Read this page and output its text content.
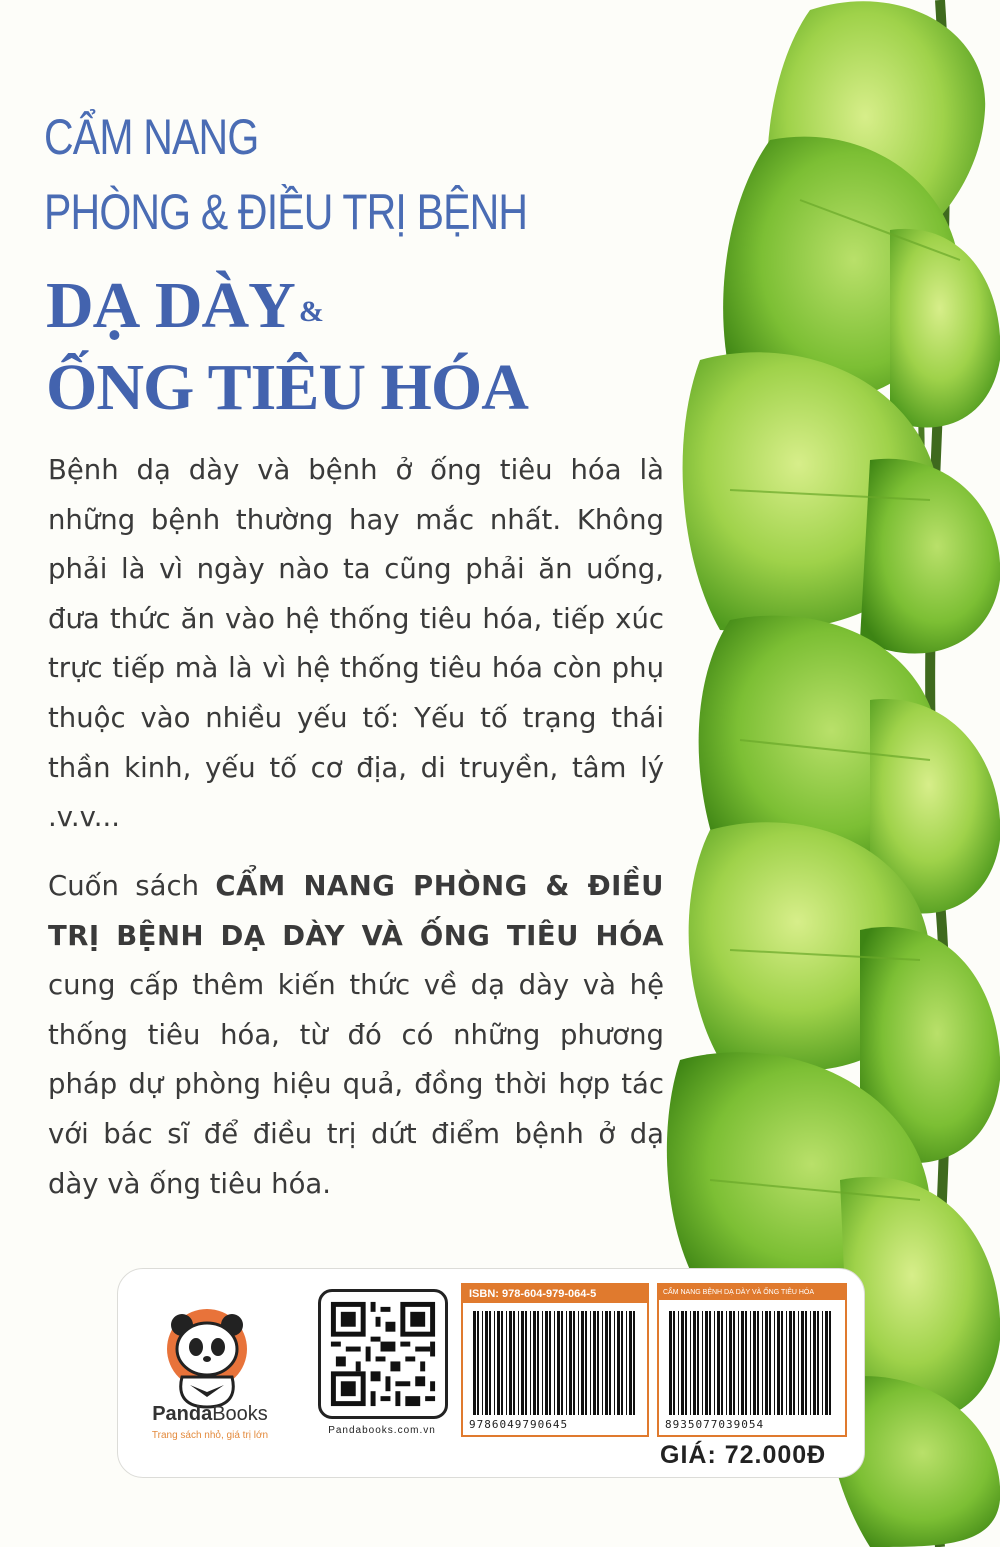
CẨM NANG
PHÒNG & ĐIỀU TRỊ BỆNH
DẠ DÀY &
ỐNG TIÊU HÓA
Bệnh dạ dày và bệnh ở ống tiêu hóa là những bệnh thường hay mắc nhất. Không phải là vì ngày nào ta cũng phải ăn uống, đưa thức ăn vào hệ thống tiêu hóa, tiếp xúc trực tiếp mà là vì hệ thống tiêu hóa còn phụ thuộc vào nhiều yếu tố: Yếu tố trạng thái thần kinh, yếu tố cơ địa, di truyền, tâm lý .v.v...
Cuốn sách CẨM NANG PHÒNG & ĐIỀU TRỊ BỆNH DẠ DÀY VÀ ỐNG TIÊU HÓA cung cấp thêm kiến thức về dạ dày và hệ thống tiêu hóa, từ đó có những phương pháp dự phòng hiệu quả, đồng thời hợp tác với bác sĩ để điều trị dứt điểm bệnh ở dạ dày và ống tiêu hóa.
PandaBooks
Trang sách nhỏ, giá trị lớn	Pandabooks.com.vn
ISBN: 978-604-979-064-5
9786049790645
CẨM NANG BỆNH DẠ DÀY VÀ ỐNG TIÊU HÓA
8935077039054
GIÁ: 72.000Đ
